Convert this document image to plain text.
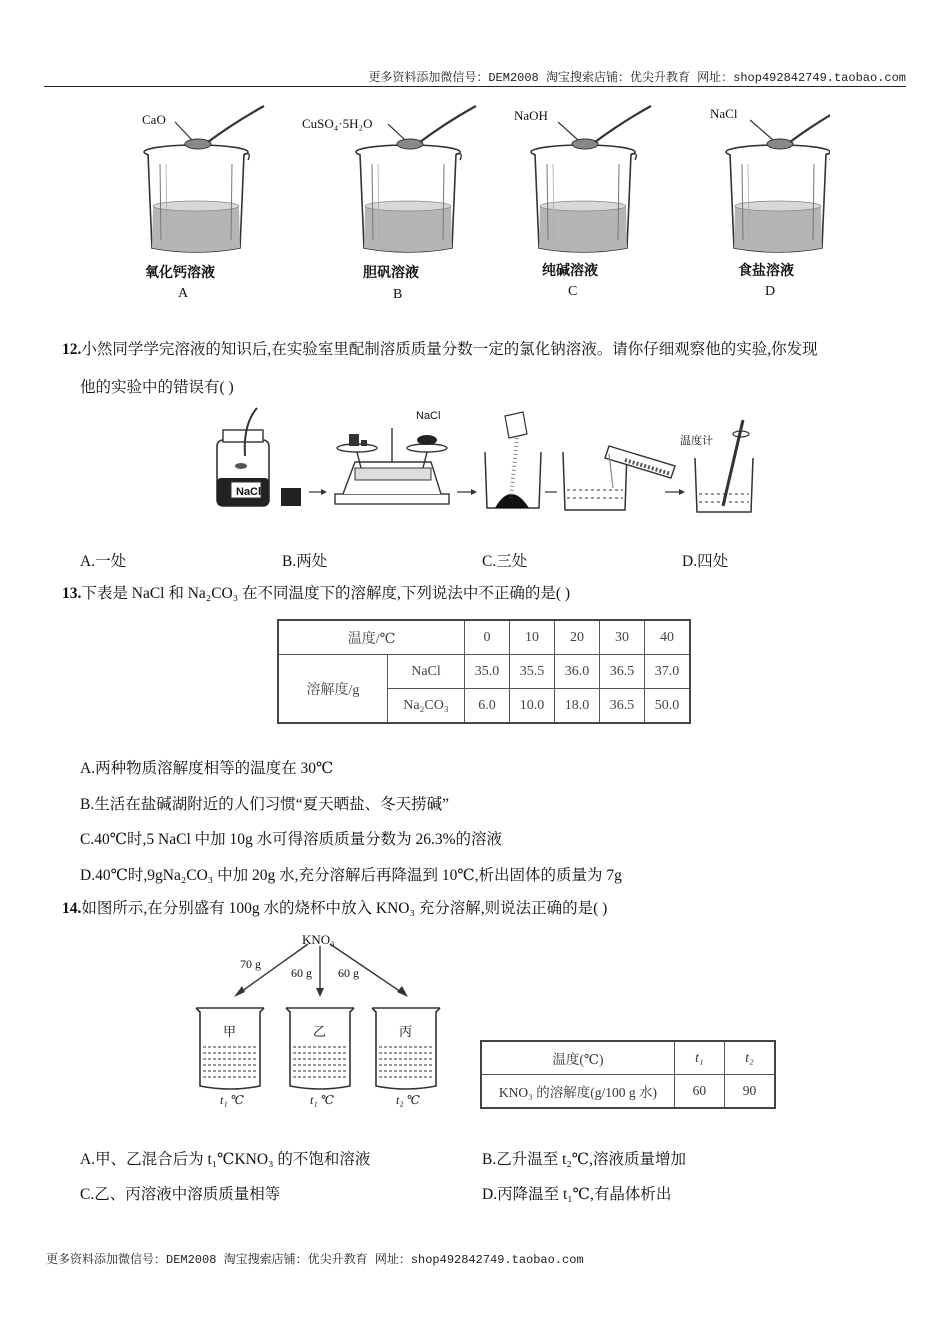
更多资料添加微信号：DEM2008 淘宝搜索店铺：优尖升教育 网址：shop492842749.taobao.com
CaO	CuSO₄·5H₂O
NaOH	NaCl
氧化钙溶液	胆矾溶液	纯碱溶液	食盐溶液
A	B	C	D
12.小然同学学完溶液的知识后,在实验室里配制溶质质量分数一定的氯化钠溶液。请你仔细观察他的实验,你发现
他的实验中的错误有( )
NaCl
NaCl
温度计
A.一处	B.两处	C.三处	D.四处
13.下表是 NaCl 和 Na₂CO₃ 在不同温度下的溶解度,下列说法中不正确的是( )
温度/℃		0	10	20	30	40
溶解度/g	NaCl	35.0	35.5	36.0	36.5	37.0
	Na₂CO₃	6.0	10.0	18.0	36.5	50.0
A.两种物质溶解度相等的温度在 30℃
B.生活在盐碱湖附近的人们习惯“夏天晒盐、冬天捞碱”
C.40℃时,5 NaCl 中加 10g 水可得溶质质量分数为 26.3%的溶液
D.40℃时,9gNa₂CO₃ 中加 20g 水,充分溶解后再降温到 10℃,析出固体的质量为 7g
14.如图所示,在分别盛有 100g 水的烧杯中放入 KNO₃ 充分溶解,则说法正确的是( )
KNO₃
70 g
60 g 60 g
甲	乙	丙
t₁ ℃	t₁ ℃	t₂ ℃
温度(℃)	t₁	t₂
KNO₃ 的溶解度(g/100 g 水)	60	90
A.甲、乙混合后为 t₁℃KNO₃ 的不饱和溶液	B.乙升温至 t₂℃,溶液质量增加
C.乙、丙溶液中溶质质量相等	D.丙降温至 t₁℃,有晶体析出
更多资料添加微信号：DEM2008 淘宝搜索店铺：优尖升教育 网址：shop492842749.taobao.com
